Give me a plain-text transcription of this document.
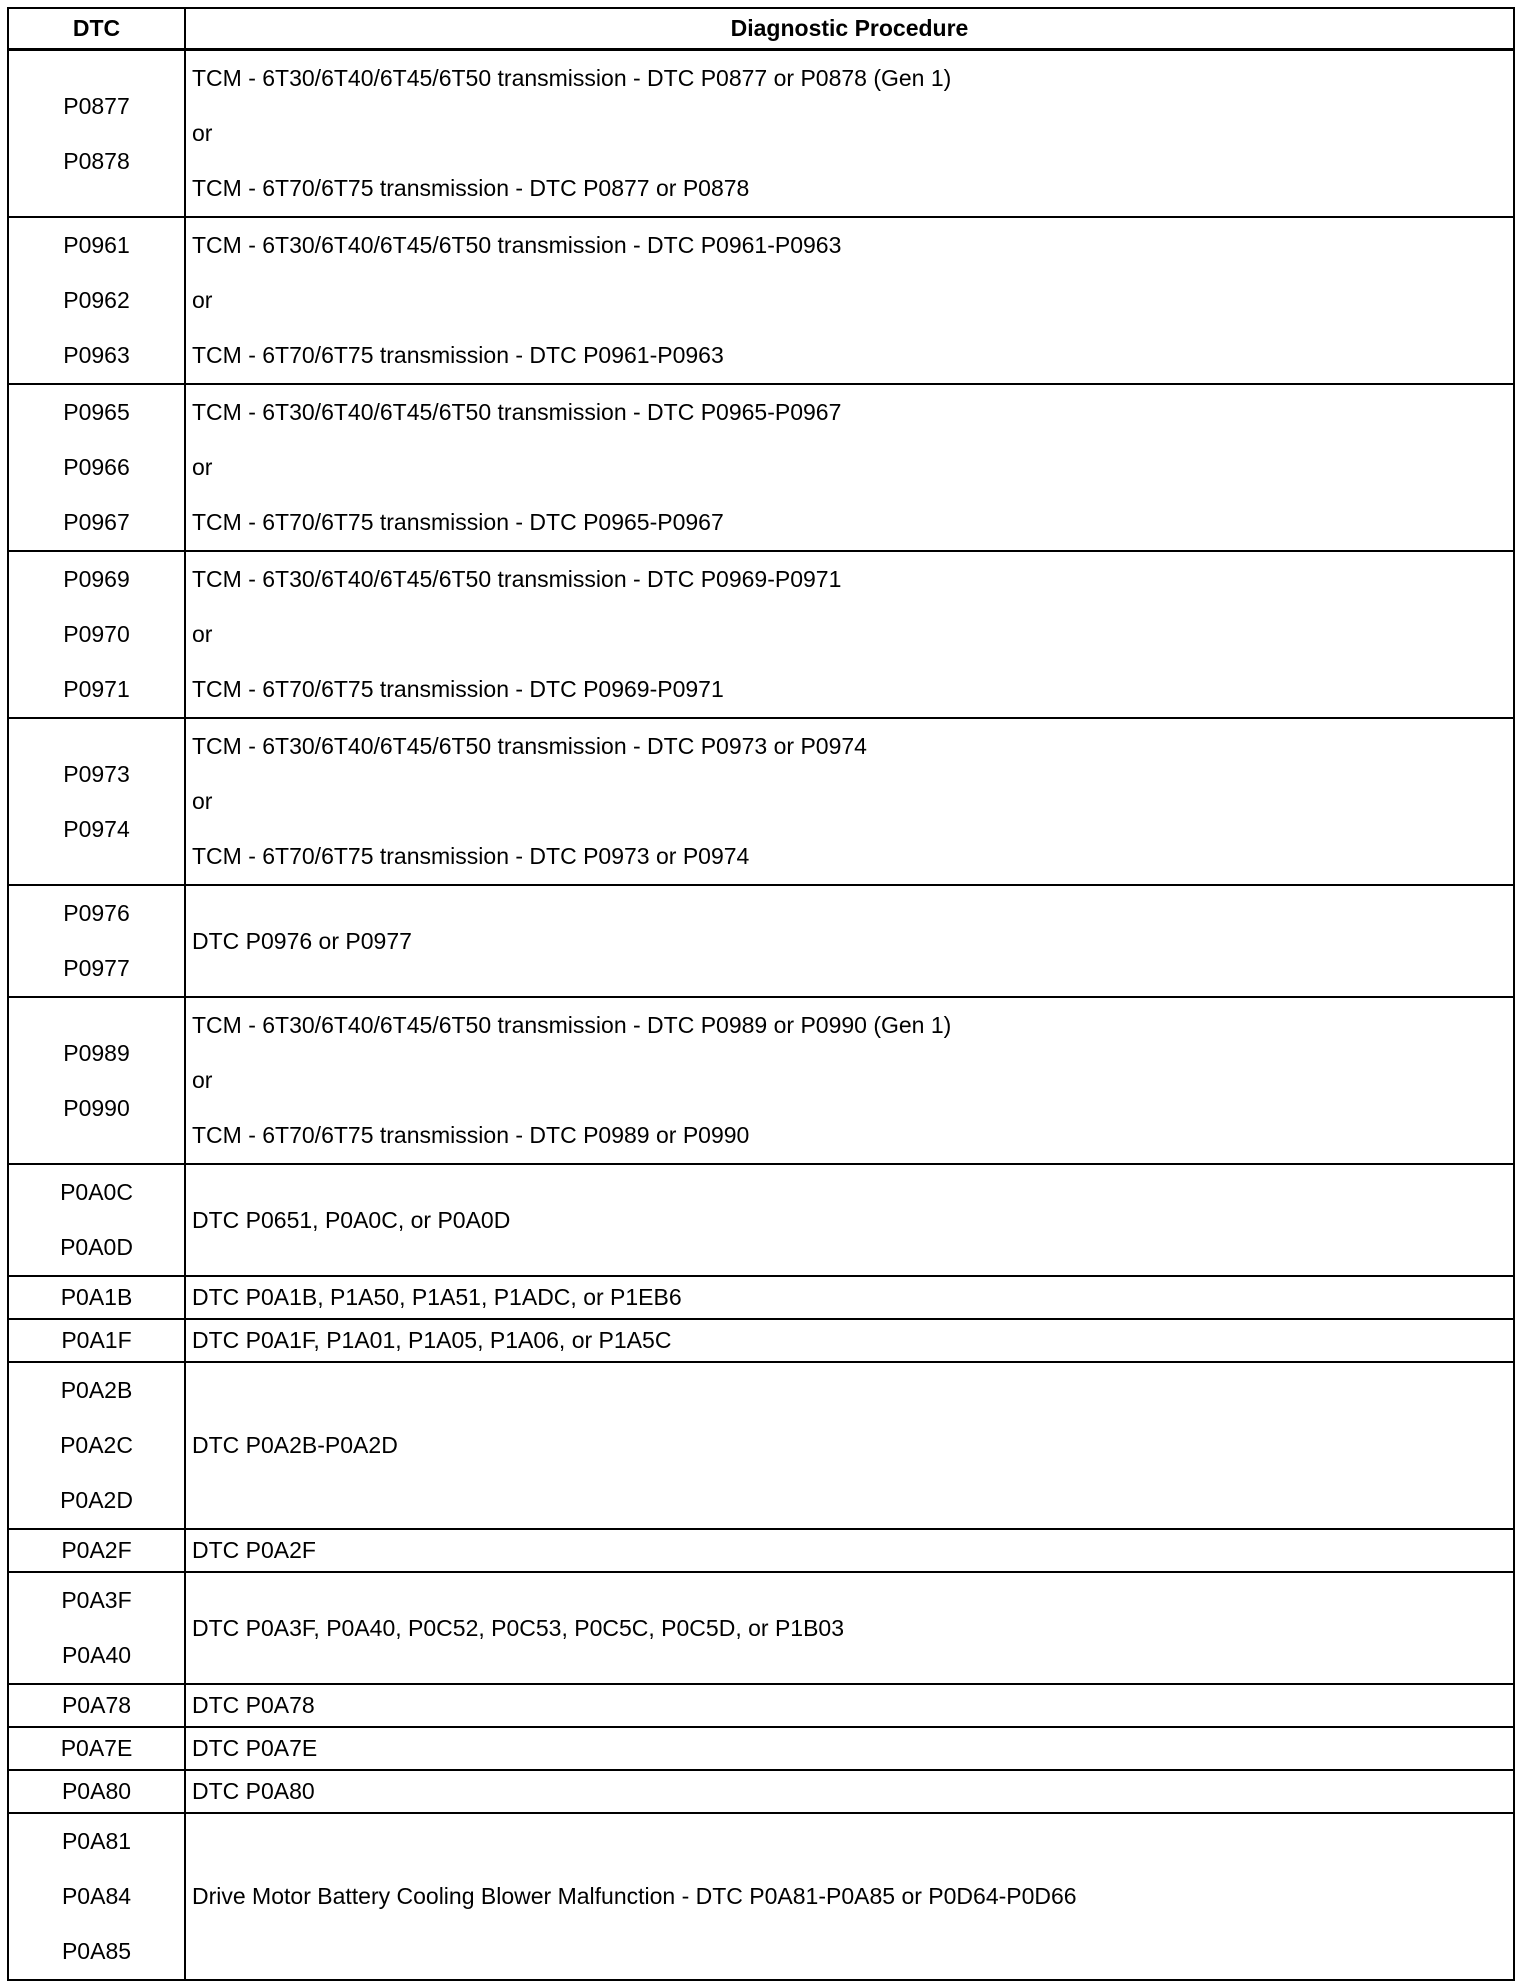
DTC	Diagnostic Procedure

P0877
P0878	TCM - 6T30/6T40/6T45/6T50 transmission - DTC P0877 or P0878 (Gen 1)
or
TCM - 6T70/6T75 transmission - DTC P0877 or P0878

P0961
P0962
P0963	TCM - 6T30/6T40/6T45/6T50 transmission - DTC P0961-P0963
or
TCM - 6T70/6T75 transmission - DTC P0961-P0963

P0965
P0966
P0967	TCM - 6T30/6T40/6T45/6T50 transmission - DTC P0965-P0967
or
TCM - 6T70/6T75 transmission - DTC P0965-P0967

P0969
P0970
P0971	TCM - 6T30/6T40/6T45/6T50 transmission - DTC P0969-P0971
or
TCM - 6T70/6T75 transmission - DTC P0969-P0971

P0973
P0974	TCM - 6T30/6T40/6T45/6T50 transmission - DTC P0973 or P0974
or
TCM - 6T70/6T75 transmission - DTC P0973 or P0974

P0976
P0977	DTC P0976 or P0977

P0989
P0990	TCM - 6T30/6T40/6T45/6T50 transmission - DTC P0989 or P0990 (Gen 1)
or
TCM - 6T70/6T75 transmission - DTC P0989 or P0990

P0A0C
P0A0D	DTC P0651, P0A0C, or P0A0D

P0A1B	DTC P0A1B, P1A50, P1A51, P1ADC, or P1EB6

P0A1F	DTC P0A1F, P1A01, P1A05, P1A06, or P1A5C

P0A2B
P0A2C
P0A2D	DTC P0A2B-P0A2D

P0A2F	DTC P0A2F

P0A3F
P0A40	DTC P0A3F, P0A40, P0C52, P0C53, P0C5C, P0C5D, or P1B03

P0A78	DTC P0A78

P0A7E	DTC P0A7E

P0A80	DTC P0A80

P0A81
P0A84
P0A85	Drive Motor Battery Cooling Blower Malfunction - DTC P0A81-P0A85 or P0D64-P0D66
